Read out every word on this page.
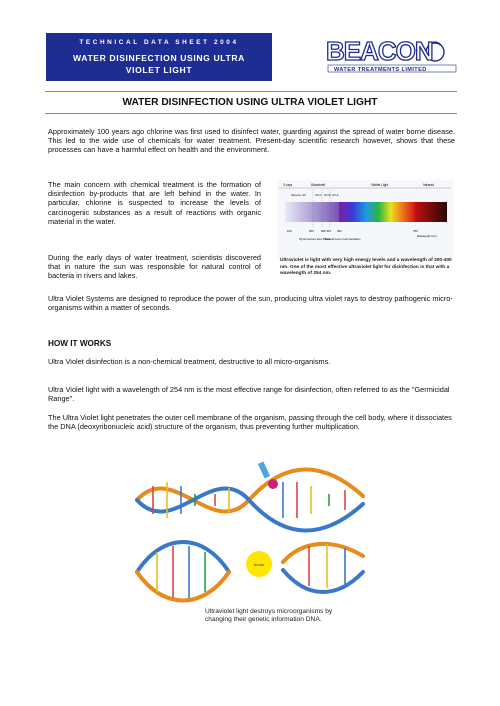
TECHNICAL DATA SHEET 2004
WATER DISINFECTION USING ULTRA VIOLET LIGHT
BEACON
WATER TREATMENTS LIMITED
WATER DISINFECTION USING ULTRA VIOLET LIGHT

Approximately 100 years ago chlorine was first used to disinfect water, guarding against the spread of water borne disease. This led to the wide use of chemicals for water treatment. Present-day scientific research however, shows that these processes can have a harmful effect on health and the environment.

The main concern with chemical treatment is the formation of disinfection by-products that are left behind in the water. In particular, chlorine is suspected to increase the levels of carcinogenic substances as a result of reactions with organic material in the water.

During the early days of water treatment, scientists discovered that in nature the sun was responsible for natural control of bacteria in rivers and lakes.

X-rays	Ultraviolet	Visible Light	Infrared
Vacuum UV	UV-C UV-B UV-A
100	200	280 315 400	780
Wavelength (nm)
Hg low pressure lamp 254 nm
Bacterial curve of cell inactivation
Ultraviolet is light with very high energy levels and a wavelength of 200-400 nm. One of the most effective ultraviolet light for disinfection is that with a wavelength of 254 nm.

Ultra Violet Systems are designed to reproduce the power of the sun, producing ultra violet rays to destroy pathogenic micro-organisms within a matter of seconds.

HOW IT WORKS

Ultra Violet disinfection is a non-chemical treatment, destructive to all micro-organisms.

Ultra Violet light with a wavelength of 254 nm is the most effective range for disinfection, often referred to as the "Germicidal Range".

The Ultra Violet light penetrates the outer cell membrane of the organism, passing through the cell body, where it dissociates the DNA (deoxyribonucleic acid) structure of the organism, thus preventing further multiplication.

break
Ultraviolet light destroys microorganisms by changing their genetic information DNA.
